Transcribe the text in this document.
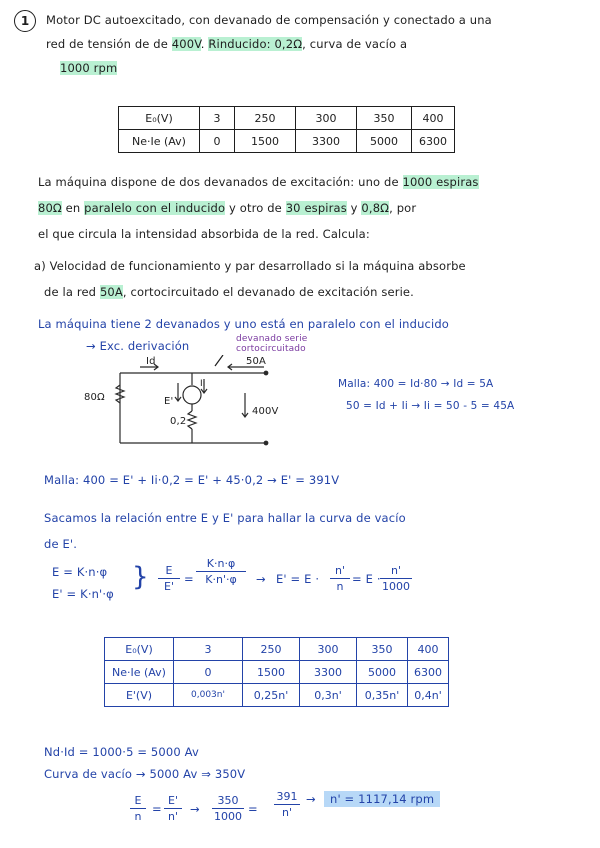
1	Motor DC autoexcitado, con devanado de compensación y conectado a una
red de tensión de de 400V. Rinducido: 0,2Ω, curva de vacío a
1000 rpm
E₀(V)	3	250	300	350	400
Ne·Ie (Av)	0	1500	3300	5000	6300
La máquina dispone de dos devanados de excitación: uno de 1000 espiras
80Ω en paralelo con el inducido y otro de 30 espiras y 0,8Ω, por
el que circula la intensidad absorbida de la red. Calcula:
a) Velocidad de funcionamiento y par desarrollado si la máquina absorbe
de la red 50A, cortocircuitado el devanado de excitación serie.
La máquina tiene 2 devanados y uno está en paralelo con el inducido
→ Exc. derivación	devanado serie cortocircuitado
Id	50A
80Ω
Ii
E'
0,2
400V
Malla: 400 = Id·80 → Id = 5A
50 = Id + Ii → Ii = 50 - 5 = 45A
Malla: 400 = E' + Ii·0,2 = E' + 45·0,2 → E' = 391V
Sacamos la relación entre E y E' para hallar la curva de vacío
de E'.
E = K·n·φ
E' = K·n'·φ
}	E
E'
=
K·n·φ
K·n'·φ	→ E' = E ·
n'
n
= E ·
n'
1000
E₀(V)	3	250	300	350	400
Ne·Ie (Av)	0	1500	3300	5000	6300
E'(V)	0,003n'	0,25n'	0,3n'	0,35n'	0,4n'
Nd·Id = 1000·5 = 5000 Av
Curva de vacío → 5000 Av ⇒ 350V
E
n
=
E'
n'
→
350
1000
=
391
n'
→	n' = 1117,14 rpm
